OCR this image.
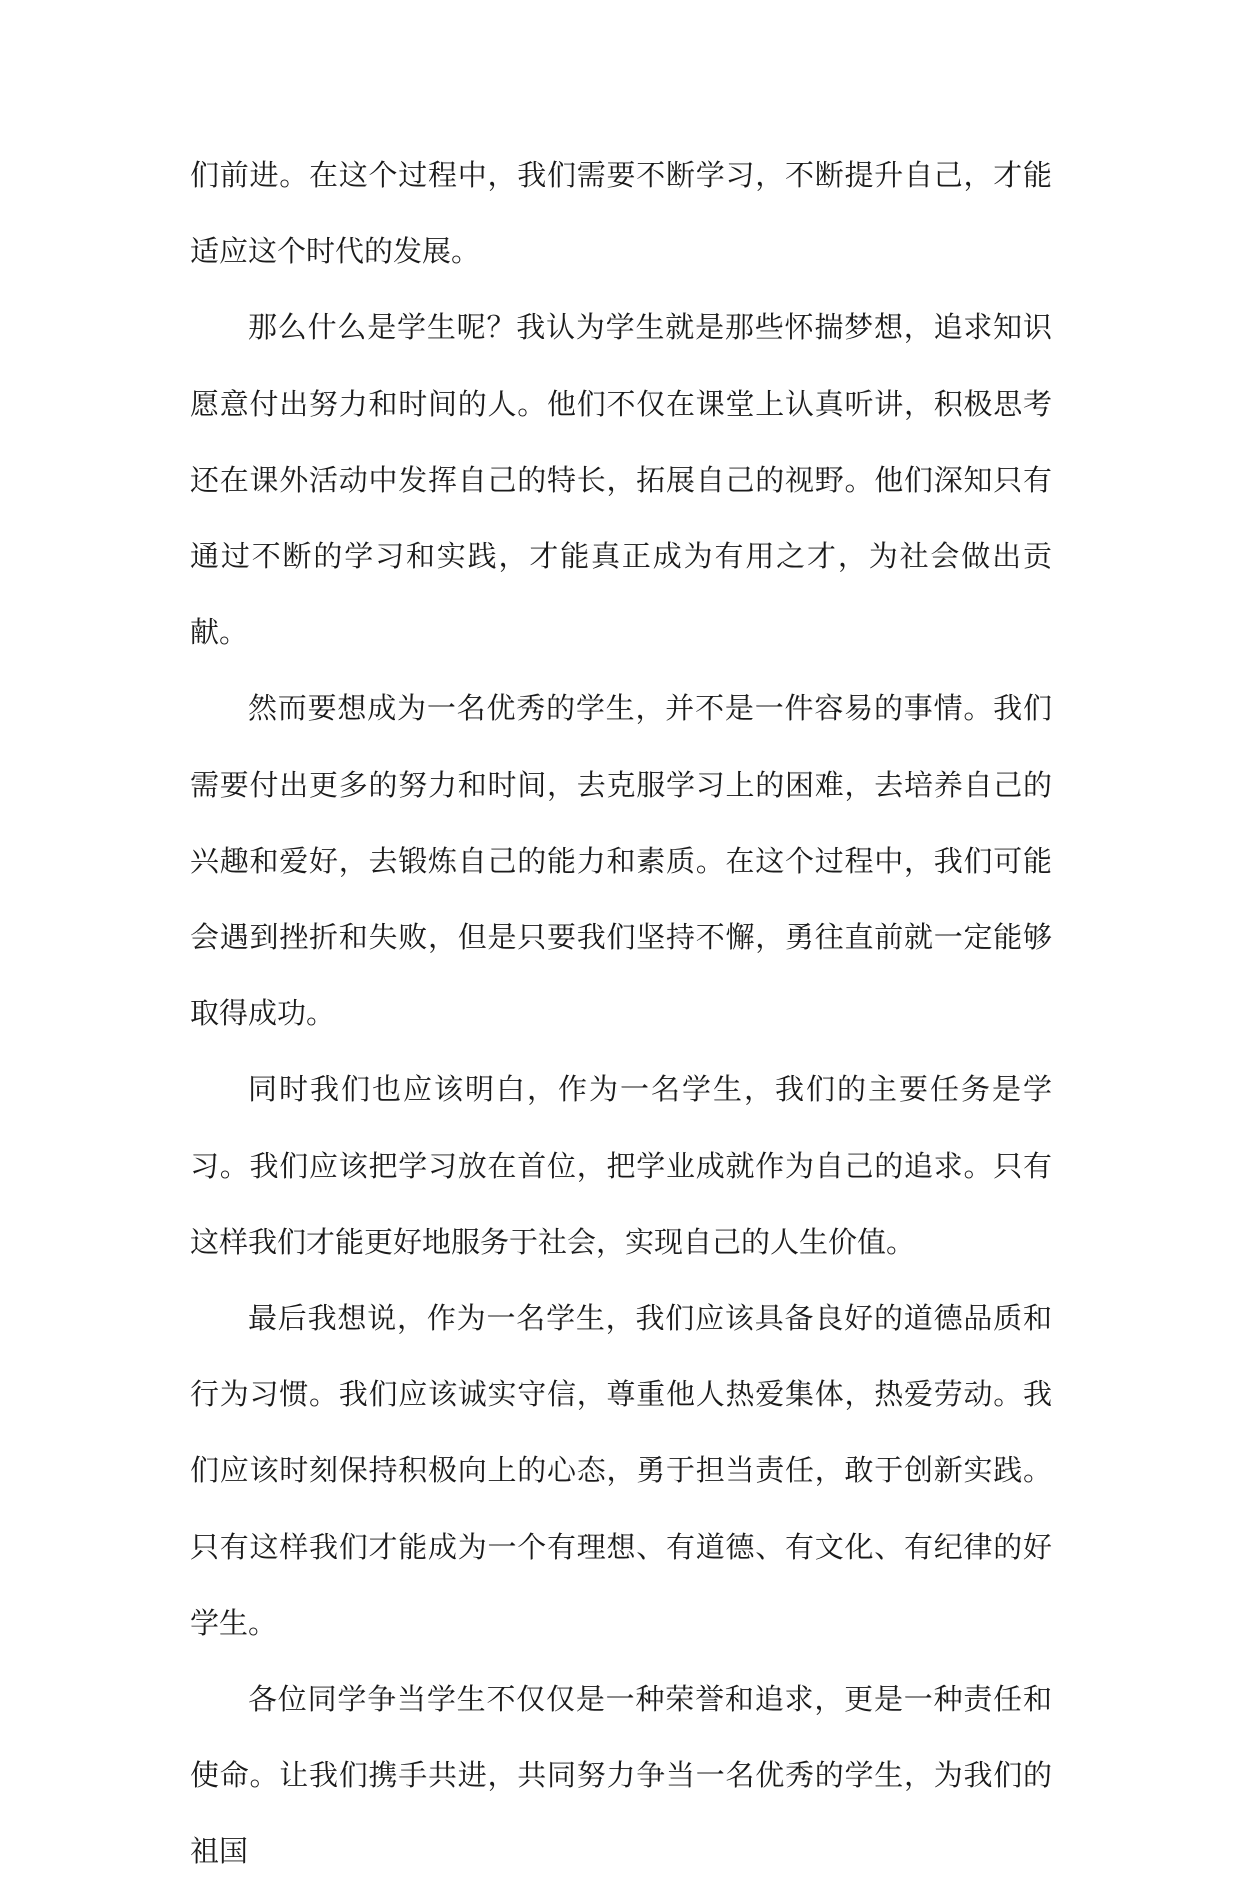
们前进。在这个过程中，我们需要不断学习，不断提升自己，才能适应这个时代的发展。

那么什么是学生呢？我认为学生就是那些怀揣梦想，追求知识愿意付出努力和时间的人。他们不仅在课堂上认真听讲，积极思考还在课外活动中发挥自己的特长，拓展自己的视野。他们深知只有通过不断的学习和实践，才能真正成为有用之才，为社会做出贡献。

然而要想成为一名优秀的学生，并不是一件容易的事情。我们需要付出更多的努力和时间，去克服学习上的困难，去培养自己的兴趣和爱好，去锻炼自己的能力和素质。在这个过程中，我们可能会遇到挫折和失败，但是只要我们坚持不懈，勇往直前就一定能够取得成功。

同时我们也应该明白，作为一名学生，我们的主要任务是学习。我们应该把学习放在首位，把学业成就作为自己的追求。只有这样我们才能更好地服务于社会，实现自己的人生价值。

最后我想说，作为一名学生，我们应该具备良好的道德品质和行为习惯。我们应该诚实守信，尊重他人热爱集体，热爱劳动。我们应该时刻保持积极向上的心态，勇于担当责任，敢于创新实践。只有这样我们才能成为一个有理想、有道德、有文化、有纪律的好学生。

各位同学争当学生不仅仅是一种荣誉和追求，更是一种责任和使命。让我们携手共进，共同努力争当一名优秀的学生，为我们的祖国
